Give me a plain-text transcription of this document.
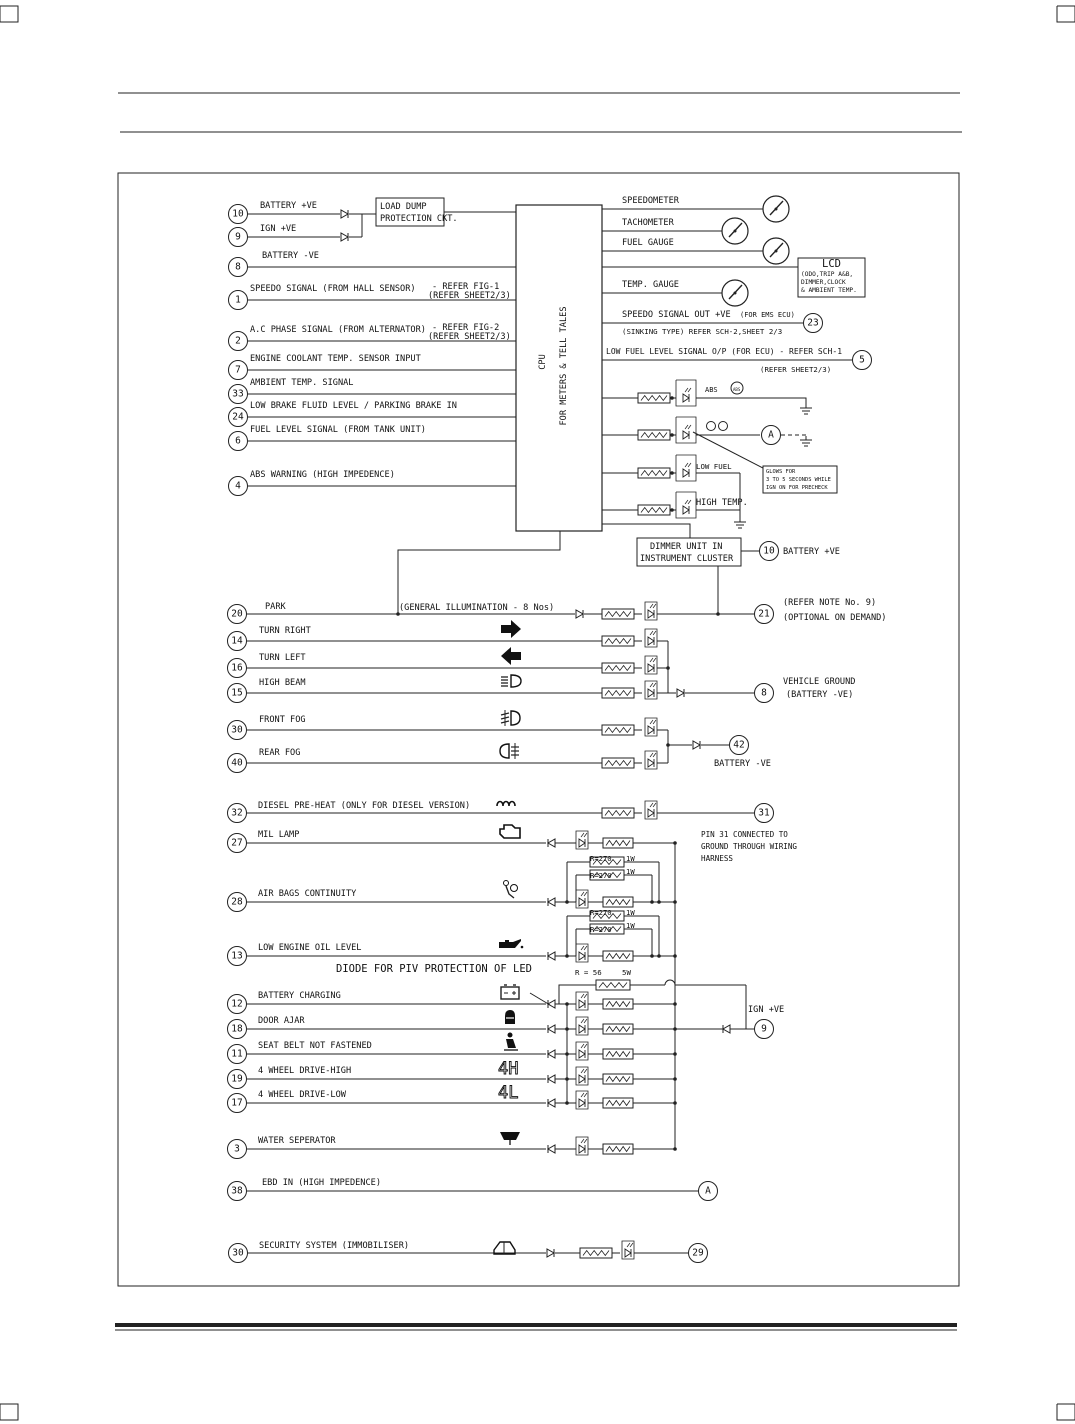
CPU FOR METERS & TELL TALES
LOAD DUMP
PROTECTION CKT.
10
BATTERY +VE
9
IGN +VE
8
BATTERY -VE
1
SPEEDO SIGNAL (FROM HALL SENSOR) - REFER FIG-1
(REFER SHEET2/3)
2
A.C PHASE SIGNAL (FROM ALTERNATOR) - REFER FIG-2
(REFER SHEET2/3)
7
ENGINE COOLANT TEMP. SENSOR INPUT
33
AMBIENT TEMP. SIGNAL
24
LOW BRAKE FLUID LEVEL / PARKING BRAKE IN
6
FUEL LEVEL SIGNAL (FROM TANK UNIT)
4
ABS WARNING (HIGH IMPEDENCE)
SPEEDOMETER
TACHOMETER
FUEL GAUGE
TEMP. GAUGE
LCD
(ODO,TRIP A&B,
DIMMER,CLOCK
& AMBIENT TEMP.
23
SPEEDO SIGNAL OUT +VE (FOR EMS ECU)
(SINKING TYPE) REFER SCH-2,SHEET 2/3
5
LOW FUEL LEVEL SIGNAL O/P (FOR ECU) - REFER SCH-1
(REFER SHEET2/3)
ABS	ABS
LOW FUEL
HIGH TEMP.
A
GLOWS FOR
3 TO 5 SECONDS WHILE
IGN ON FOR PRECHECK
DIMMER UNIT IN
INSTRUMENT CLUSTER
10 BATTERY +VE
20
PARK	(GENERAL ILLUMINATION - 8 Nos)
21
(REFER NOTE No. 9)
(OPTIONAL ON DEMAND)
14
TURN RIGHT
16
TURN LEFT
15
HIGH BEAM
30
FRONT FOG
40
REAR FOG
8
VEHICLE GROUND
(BATTERY -VE)
42
BATTERY -VE
32
DIESEL PRE-HEAT (ONLY FOR DIESEL VERSION)
31
PIN 31 CONNECTED TO
GROUND THROUGH WIRING
HARNESS
27
MIL LAMP
28
AIR BAGS CONTINUITY
13
LOW ENGINE OIL LEVEL
12
BATTERY CHARGING
18
DOOR AJAR
11
SEAT BELT NOT FASTENED
19
4 WHEEL DRIVE-HIGH	4H
17
4 WHEEL DRIVE-LOW	4L
3
WATER SEPERATOR
9
IGN +VE
R=270 1W
R=270 1W
R=270 1W
R=270 1W
R = 56	5W
DIODE FOR PIV PROTECTION OF LED
38
EBD IN (HIGH IMPEDENCE)
A
30
SECURITY SYSTEM (IMMOBILISER)
29
